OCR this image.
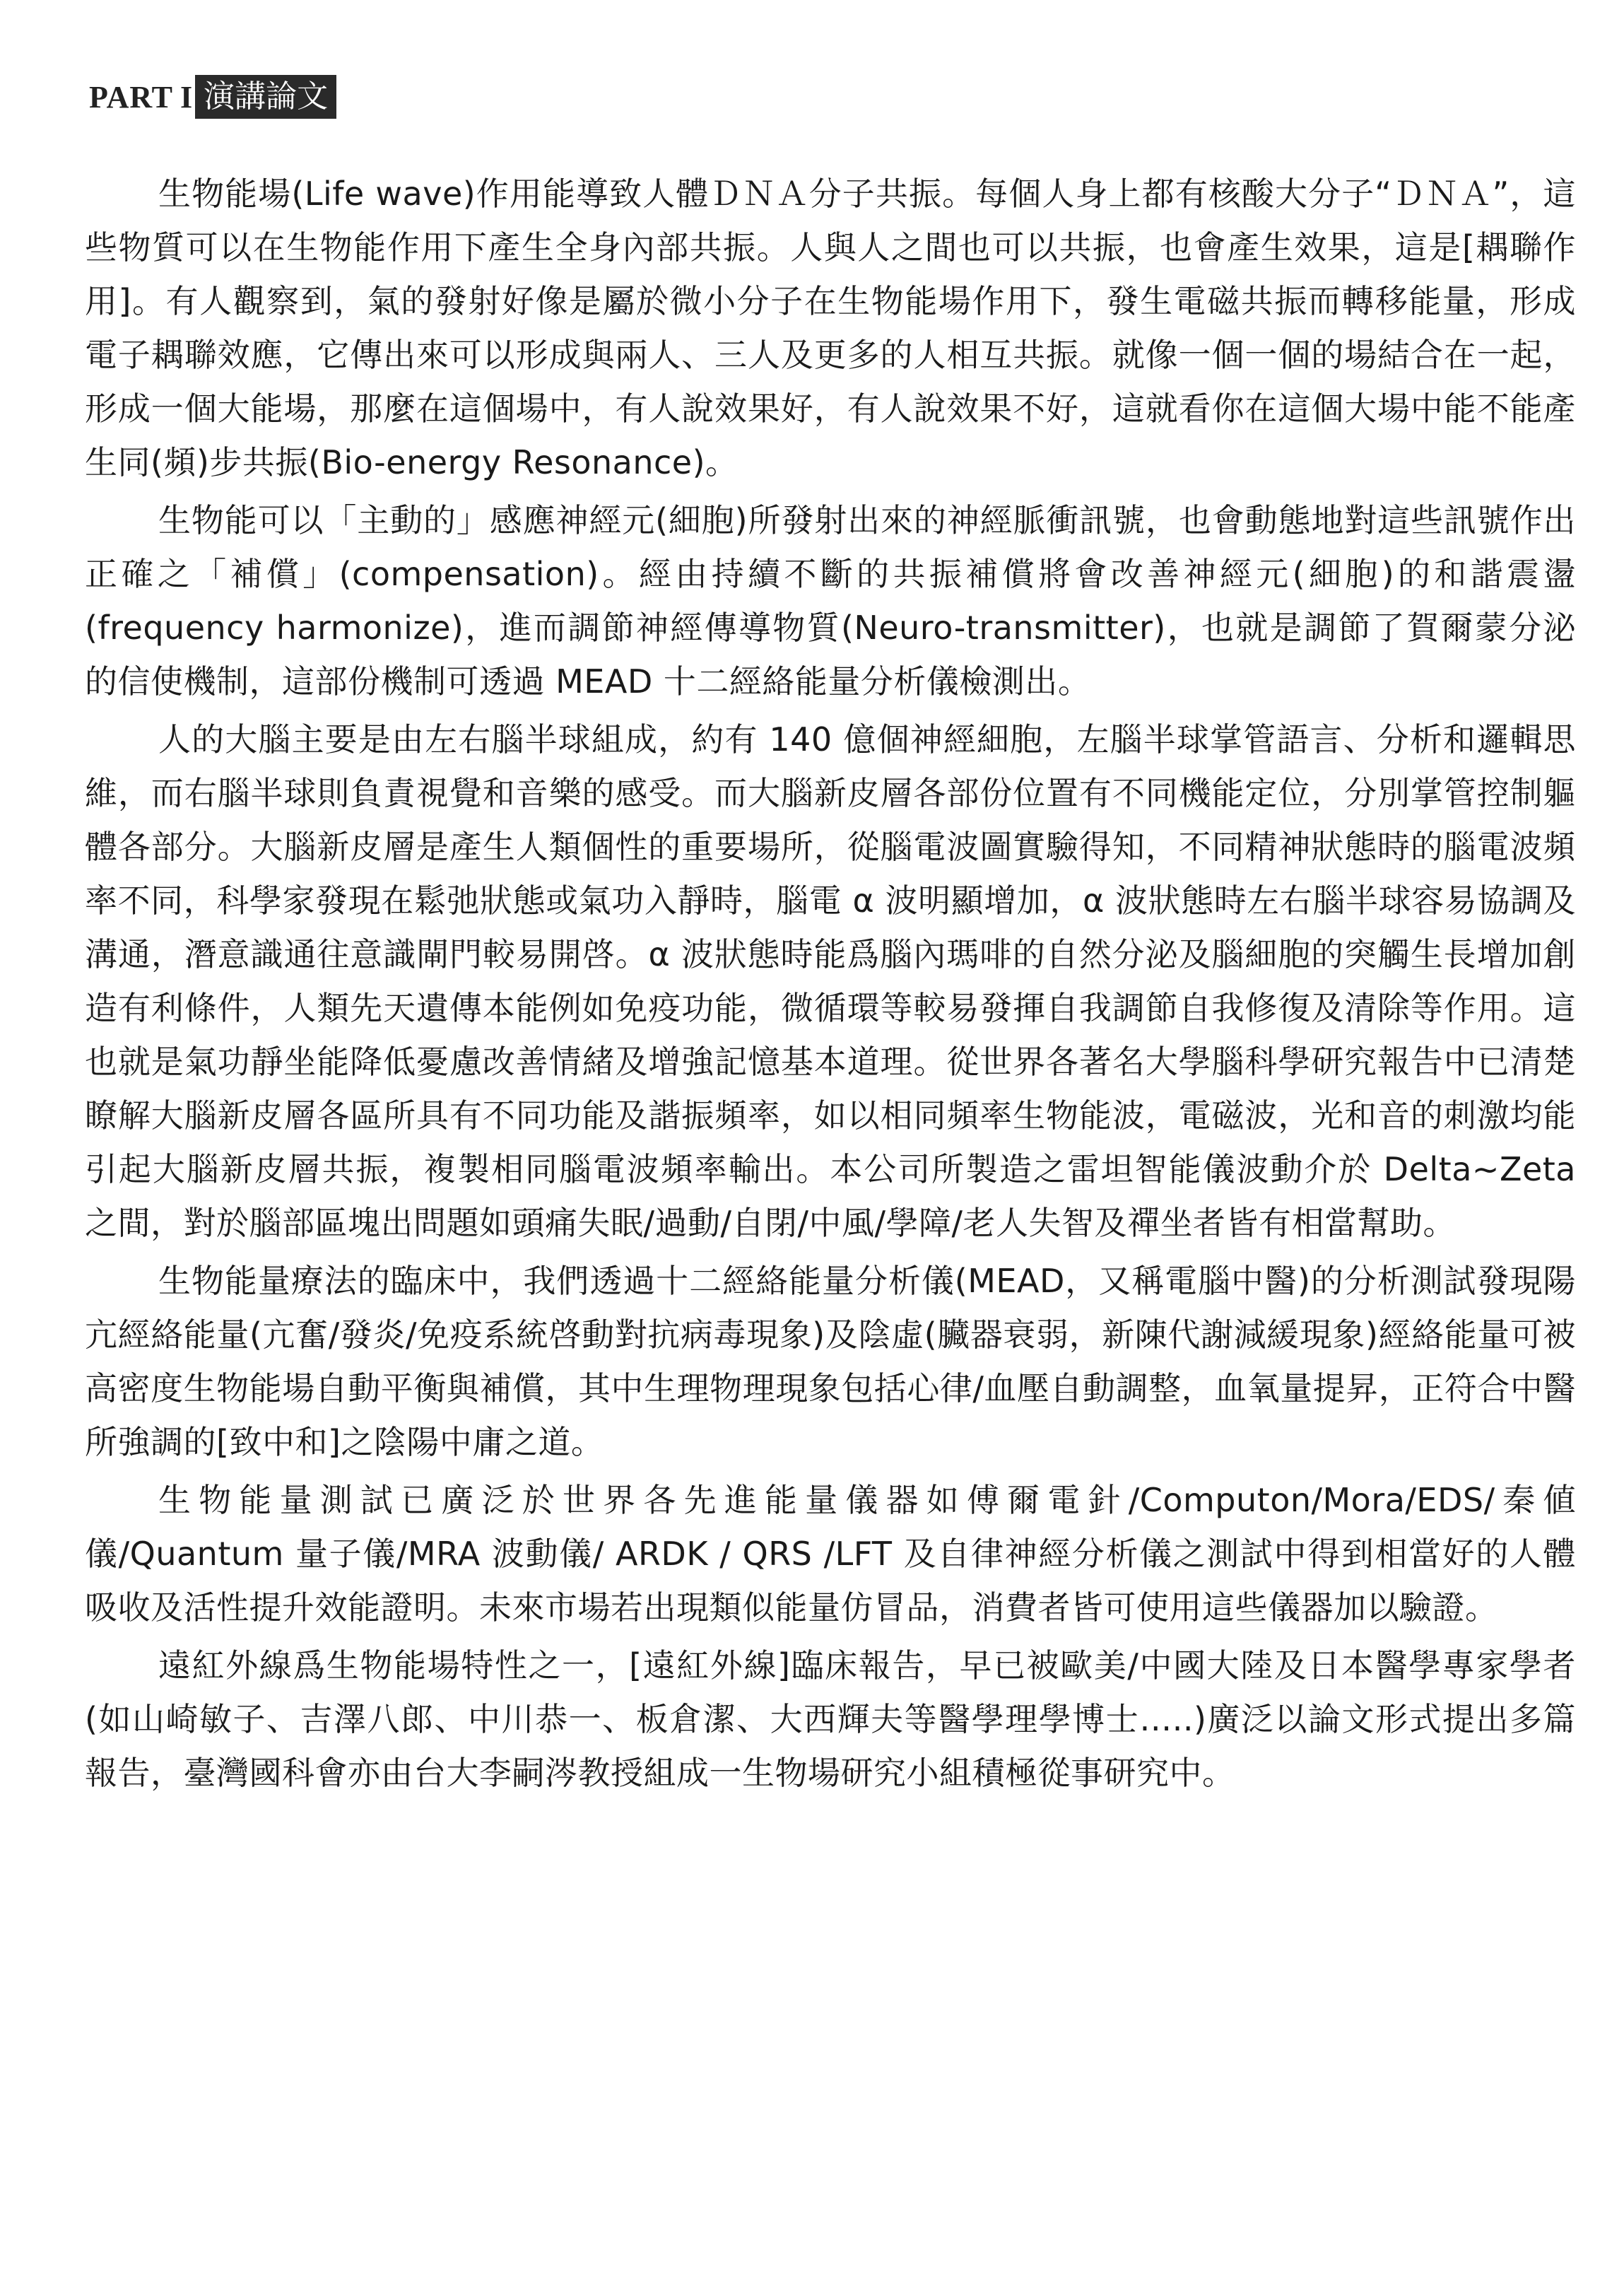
PART I 演講論文

生物能場(Life wave)作用能導致人體ＤＮＡ分子共振。每個人身上都有核酸大分子“ＤＮＡ”，這些物質可以在生物能作用下產生全身內部共振。人與人之間也可以共振，也會產生效果，這是[耦聯作用]。有人觀察到，氣的發射好像是屬於微小分子在生物能場作用下，發生電磁共振而轉移能量，形成電子耦聯效應，它傳出來可以形成與兩人、三人及更多的人相互共振。就像一個一個的場結合在一起，形成一個大能場，那麼在這個場中，有人說效果好，有人說效果不好，這就看你在這個大場中能不能產生同(頻)步共振(Bio-energy Resonance)。

生物能可以「主動的」感應神經元(細胞)所發射出來的神經脈衝訊號，也會動態地對這些訊號作出正確之「補償」(compensation)。經由持續不斷的共振補償將會改善神經元(細胞)的和諧震盪(frequency harmonize)，進而調節神經傳導物質(Neuro-transmitter)，也就是調節了賀爾蒙分泌的信使機制，這部份機制可透過 MEAD 十二經絡能量分析儀檢測出。

人的大腦主要是由左右腦半球組成，約有 140 億個神經細胞，左腦半球掌管語言、分析和邏輯思維，而右腦半球則負責視覺和音樂的感受。而大腦新皮層各部份位置有不同機能定位，分別掌管控制軀體各部分。大腦新皮層是產生人類個性的重要場所，從腦電波圖實驗得知，不同精神狀態時的腦電波頻率不同，科學家發現在鬆弛狀態或氣功入靜時，腦電 α 波明顯增加，α 波狀態時左右腦半球容易協調及溝通，潛意識通往意識閘門較易開啓。α 波狀態時能爲腦內瑪啡的自然分泌及腦細胞的突觸生長增加創造有利條件，人類先天遺傳本能例如免疫功能，微循環等較易發揮自我調節自我修復及清除等作用。這也就是氣功靜坐能降低憂慮改善情緒及增強記憶基本道理。從世界各著名大學腦科學研究報告中已清楚瞭解大腦新皮層各區所具有不同功能及諧振頻率，如以相同頻率生物能波，電磁波，光和音的刺激均能引起大腦新皮層共振，複製相同腦電波頻率輸出。本公司所製造之雷坦智能儀波動介於 Delta~Zeta 之間，對於腦部區塊出問題如頭痛失眠/過動/自閉/中風/學障/老人失智及禪坐者皆有相當幫助。

生物能量療法的臨床中，我們透過十二經絡能量分析儀(MEAD，又稱電腦中醫)的分析測試發現陽亢經絡能量(亢奮/發炎/免疫系統啓動對抗病毒現象)及陰虛(臟器衰弱，新陳代謝減緩現象)經絡能量可被高密度生物能場自動平衡與補償，其中生理物理現象包括心律/血壓自動調整，血氧量提昇，正符合中醫所強調的[致中和]之陰陽中庸之道。

生物能量測試已廣泛於世界各先進能量儀器如傅爾電針/Computon/Mora/EDS/秦値儀/Quantum 量子儀/MRA 波動儀/ ARDK / QRS /LFT 及自律神經分析儀之測試中得到相當好的人體吸收及活性提升效能證明。未來市場若出現類似能量仿冒品，消費者皆可使用這些儀器加以驗證。

遠紅外線爲生物能場特性之一，[遠紅外線]臨床報告，早已被歐美/中國大陸及日本醫學專家學者(如山崎敏子、吉澤八郎、中川恭一、板倉潔、大西輝夫等醫學理學博士…..)廣泛以論文形式提出多篇報告，臺灣國科會亦由台大李嗣涔教授組成一生物場研究小組積極從事研究中。
